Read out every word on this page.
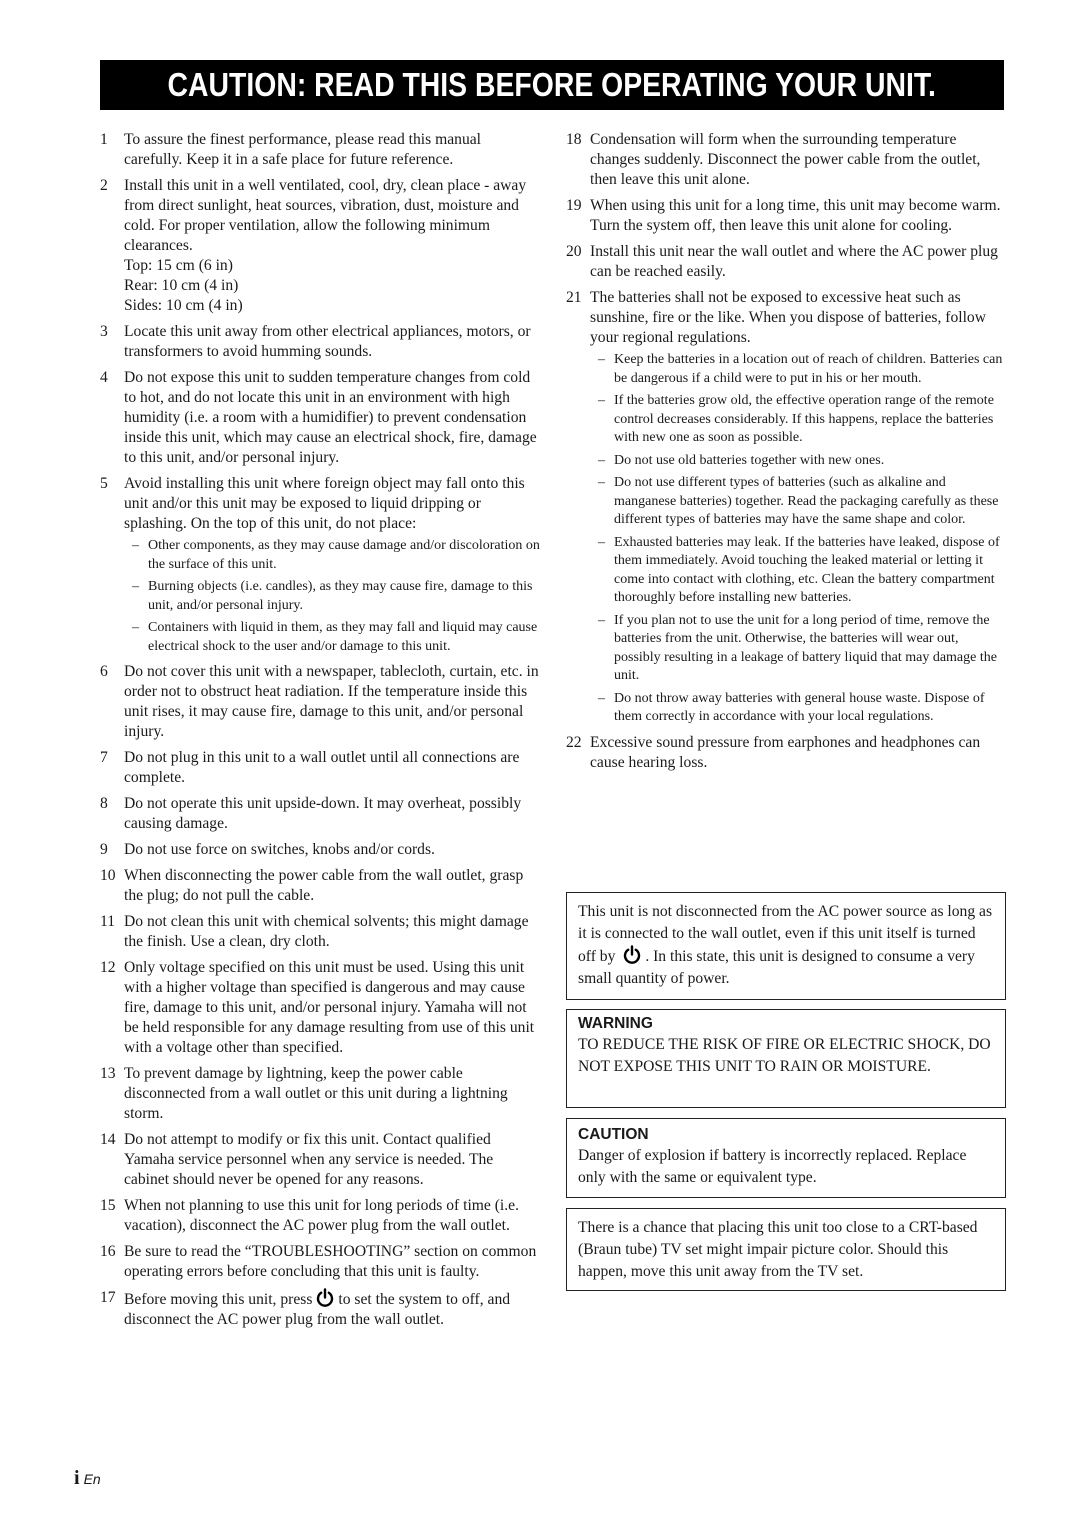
CAUTION: READ THIS BEFORE OPERATING YOUR UNIT.
1	To assure the finest performance, please read this manual carefully. Keep it in a safe place for future reference.
2	Install this unit in a well ventilated, cool, dry, clean place - away from direct sunlight, heat sources, vibration, dust, moisture and cold. For proper ventilation, allow the following minimum clearances.
Top: 15 cm (6 in)
Rear: 10 cm (4 in)
Sides: 10 cm (4 in)
3	Locate this unit away from other electrical appliances, motors, or transformers to avoid humming sounds.
4	Do not expose this unit to sudden temperature changes from cold to hot, and do not locate this unit in an environment with high humidity (i.e. a room with a humidifier) to prevent condensation inside this unit, which may cause an electrical shock, fire, damage to this unit, and/or personal injury.
5	Avoid installing this unit where foreign object may fall onto this unit and/or this unit may be exposed to liquid dripping or splashing. On the top of this unit, do not place:
– Other components, as they may cause damage and/or discoloration on the surface of this unit.
– Burning objects (i.e. candles), as they may cause fire, damage to this unit, and/or personal injury.
– Containers with liquid in them, as they may fall and liquid may cause electrical shock to the user and/or damage to this unit.
6	Do not cover this unit with a newspaper, tablecloth, curtain, etc. in order not to obstruct heat radiation. If the temperature inside this unit rises, it may cause fire, damage to this unit, and/or personal injury.
7	Do not plug in this unit to a wall outlet until all connections are complete.
8	Do not operate this unit upside-down. It may overheat, possibly causing damage.
9	Do not use force on switches, knobs and/or cords.
10 When disconnecting the power cable from the wall outlet, grasp the plug; do not pull the cable.
11 Do not clean this unit with chemical solvents; this might damage the finish. Use a clean, dry cloth.
12 Only voltage specified on this unit must be used. Using this unit with a higher voltage than specified is dangerous and may cause fire, damage to this unit, and/or personal injury. Yamaha will not be held responsible for any damage resulting from use of this unit with a voltage other than specified.
13 To prevent damage by lightning, keep the power cable disconnected from a wall outlet or this unit during a lightning storm.
14 Do not attempt to modify or fix this unit. Contact qualified Yamaha service personnel when any service is needed. The cabinet should never be opened for any reasons.
15 When not planning to use this unit for long periods of time (i.e. vacation), disconnect the AC power plug from the wall outlet.
16 Be sure to read the “TROUBLESHOOTING” section on common operating errors before concluding that this unit is faulty.
17 Before moving this unit, press to set the system to off, and disconnect the AC power plug from the wall outlet.
18 Condensation will form when the surrounding temperature changes suddenly. Disconnect the power cable from the outlet, then leave this unit alone.
19 When using this unit for a long time, this unit may become warm. Turn the system off, then leave this unit alone for cooling.
20 Install this unit near the wall outlet and where the AC power plug can be reached easily.
21 The batteries shall not be exposed to excessive heat such as sunshine, fire or the like. When you dispose of batteries, follow your regional regulations.
– Keep the batteries in a location out of reach of children. Batteries can be dangerous if a child were to put in his or her mouth.
– If the batteries grow old, the effective operation range of the remote control decreases considerably. If this happens, replace the batteries with new one as soon as possible.
– Do not use old batteries together with new ones.
– Do not use different types of batteries (such as alkaline and manganese batteries) together. Read the packaging carefully as these different types of batteries may have the same shape and color.
– Exhausted batteries may leak. If the batteries have leaked, dispose of them immediately. Avoid touching the leaked material or letting it come into contact with clothing, etc. Clean the battery compartment thoroughly before installing new batteries.
– If you plan not to use the unit for a long period of time, remove the batteries from the unit. Otherwise, the batteries will wear out, possibly resulting in a leakage of battery liquid that may damage the unit.
– Do not throw away batteries with general house waste. Dispose of them correctly in accordance with your local regulations.
22 Excessive sound pressure from earphones and headphones can cause hearing loss.
This unit is not disconnected from the AC power source as long as it is connected to the wall outlet, even if this unit itself is turned off by . In this state, this unit is designed to consume a very small quantity of power.
WARNING
TO REDUCE THE RISK OF FIRE OR ELECTRIC SHOCK, DO NOT EXPOSE THIS UNIT TO RAIN OR MOISTURE.
CAUTION
Danger of explosion if battery is incorrectly replaced. Replace only with the same or equivalent type.
There is a chance that placing this unit too close to a CRT-based (Braun tube) TV set might impair picture color. Should this happen, move this unit away from the TV set.
i En
